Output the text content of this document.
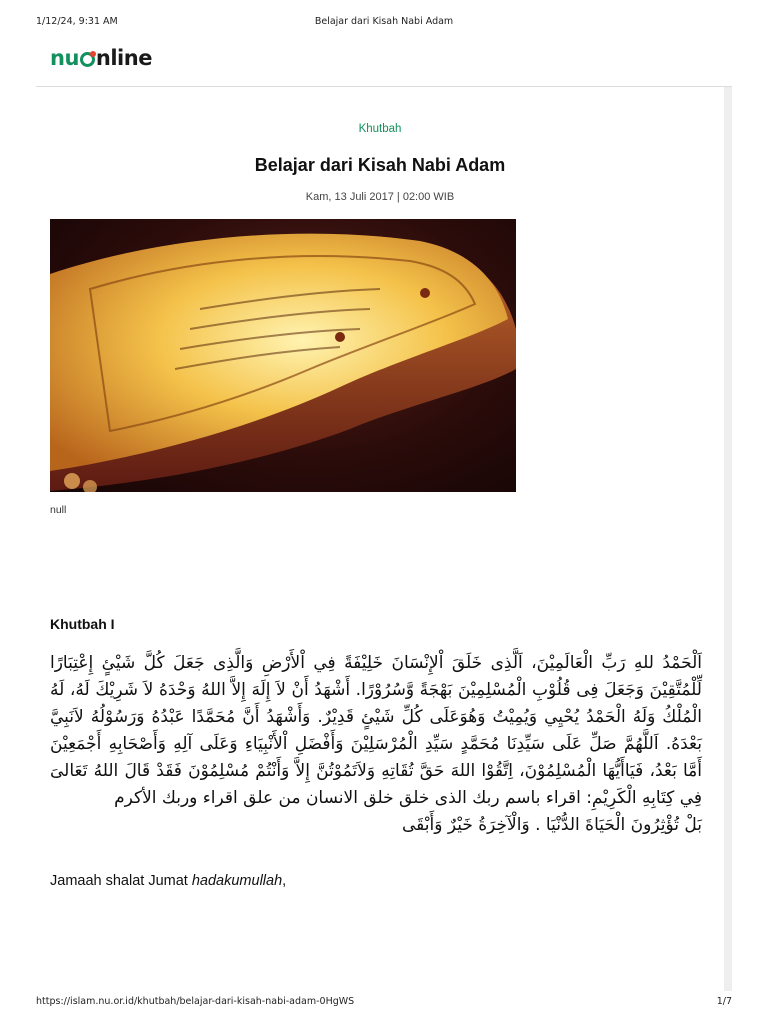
1/12/24, 9:31 AM	Belajar dari Kisah Nabi Adam
nu nline
Khutbah
Belajar dari Kisah Nabi Adam
Kam, 13 Juli 2017 | 02:00 WIB
null
Khutbah I

اَلْحَمْدُ للهِ رَبِّ الْعَالَمِيْنَ، اَلَّذِى خَلَقَ اْلإِنْسَانَ خَلِيْفَةً فِي اْلأَرْضِ وَالَّذِى جَعَلَ كُلَّ شَيْئٍ إِعْتِبَارًا لِّلْمُتَّقِيْنَ وَجَعَلَ فِى قُلُوْبِ الْمُسْلِمِيْنَ بَهْجَةً وَّسُرُوْرًا. أَشْهَدُ أَنْ لاَ إِلَهَ إِلاَّ اللهُ وَحْدَهُ لاَ شَرِيْكَ لَهُ، لَهُ الْمُلْكُ وَلَهُ الْحَمْدُ يُحْيِي وَيُمِيْتُ وَهُوَعَلَى كُلِّ شَيْئٍ قَدِيْرٌ. وَأَشْهَدُ أَنَّ مُحَمَّدًا عَبْدُهُ وَرَسُوْلُهُ لاَنَبِيَّ بَعْدَهُ. اَللَّهُمَّ صَلِّ عَلَى سَيِّدِنَا مُحَمَّدٍ سَيِّدِ الْمُرْسَلِيْنَ وَأَفْضَلِ اْلأَنْبِيَاءِ وَعَلَى آلِهِ وَأَصْحَابِهِ أَجْمَعِيْنَ أَمَّا بَعْدُ، فَيَاأَيُّهَا الْمُسْلِمُوْنَ، اِتَّقُوْا اللهَ حَقَّ تُقَاتِهِ وَلاَتَمُوْتُنَّ إِلاَّ وَأَنْتُمْ مُسْلِمُوْنَ فَقَدْ قَالَ اللهُ تَعَالىَ فِي كِتَابِهِ الْكَرِيْمِ: اقراء باسم ربك الذى خلق خلق الانسان من علق اقراء وربك الأكرم

بَلْ تُؤْثِرُونَ الْحَيَاةَ الدُّنْيَا . وَالْآخِرَةُ خَيْرٌ وَأَبْقَى

Jamaah shalat Jumat hadakumullah,

https://islam.nu.or.id/khutbah/belajar-dari-kisah-nabi-adam-0HgWS	1/7
